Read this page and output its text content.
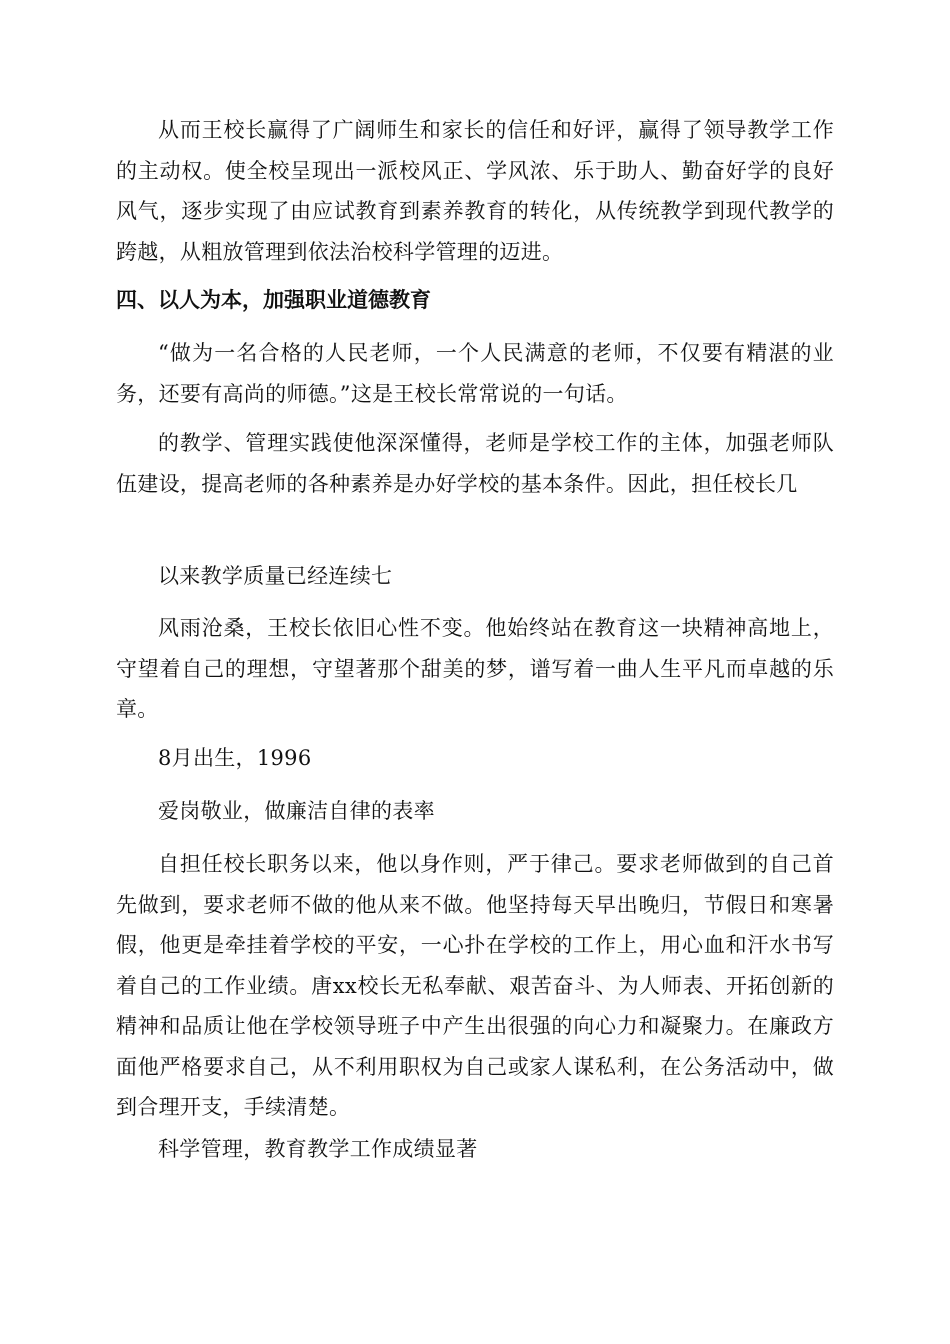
从而王校长赢得了广阔师生和家长的信任和好评，赢得了领导教学工作的主动权。使全校呈现出一派校风正、学风浓、乐于助人、勤奋好学的良好风气，逐步实现了由应试教育到素养教育的转化，从传统教学到现代教学的跨越，从粗放管理到依法治校科学管理的迈进。

四、以人为本，加强职业道德教育

“做为一名合格的人民老师，一个人民满意的老师，不仅要有精湛的业务，还要有高尚的师德。”这是王校长常常说的一句话。

的教学、管理实践使他深深懂得，老师是学校工作的主体，加强老师队伍建设，提高老师的各种素养是办好学校的基本条件。因此，担任校长几

以来教学质量已经连续七

风雨沧桑，王校长依旧心性不变。他始终站在教育这一块精神高地上，守望着自己的理想，守望著那个甜美的梦，谱写着一曲人生平凡而卓越的乐章。

8月出生，1996

爱岗敬业，做廉洁自律的表率

自担任校长职务以来，他以身作则，严于律己。要求老师做到的自己首先做到，要求老师不做的他从来不做。他坚持每天早出晚归，节假日和寒暑假，他更是牵挂着学校的平安，一心扑在学校的工作上，用心血和汗水书写着自己的工作业绩。唐xx校长无私奉献、艰苦奋斗、为人师表、开拓创新的精神和品质让他在学校领导班子中产生出很强的向心力和凝聚力。在廉政方面他严格要求自己，从不利用职权为自己或家人谋私利，在公务活动中，做到合理开支，手续清楚。

科学管理，教育教学工作成绩显著
